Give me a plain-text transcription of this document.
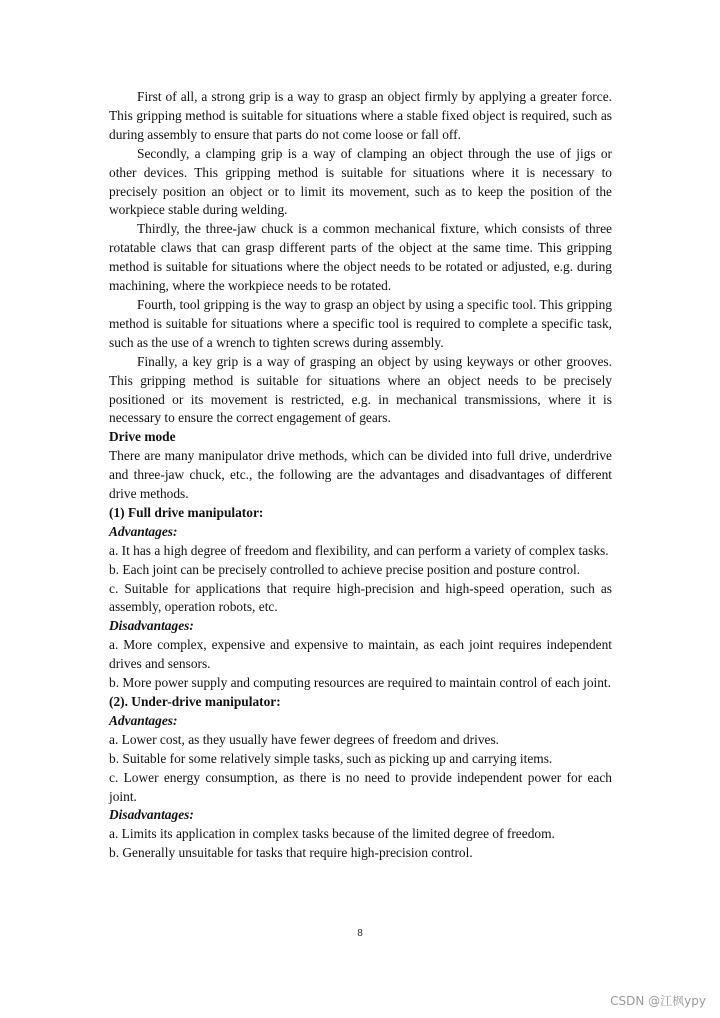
First of all, a strong grip is a way to grasp an object firmly by applying a greater force. This gripping method is suitable for situations where a stable fixed object is required, such as during assembly to ensure that parts do not come loose or fall off.

Secondly, a clamping grip is a way of clamping an object through the use of jigs or other devices. This gripping method is suitable for situations where it is necessary to precisely position an object or to limit its movement, such as to keep the position of the workpiece stable during welding.

Thirdly, the three-jaw chuck is a common mechanical fixture, which consists of three rotatable claws that can grasp different parts of the object at the same time. This gripping method is suitable for situations where the object needs to be rotated or adjusted, e.g. during machining, where the workpiece needs to be rotated.

Fourth, tool gripping is the way to grasp an object by using a specific tool. This gripping method is suitable for situations where a specific tool is required to complete a specific task, such as the use of a wrench to tighten screws during assembly.

Finally, a key grip is a way of grasping an object by using keyways or other grooves. This gripping method is suitable for situations where an object needs to be precisely positioned or its movement is restricted, e.g. in mechanical transmissions, where it is necessary to ensure the correct engagement of gears.

Drive mode

There are many manipulator drive methods, which can be divided into full drive, underdrive and three-jaw chuck, etc., the following are the advantages and disadvantages of different drive methods.

(1) Full drive manipulator:

Advantages:

a. It has a high degree of freedom and flexibility, and can perform a variety of complex tasks.

b. Each joint can be precisely controlled to achieve precise position and posture control.

c. Suitable for applications that require high-precision and high-speed operation, such as assembly, operation robots, etc.

Disadvantages:

a. More complex, expensive and expensive to maintain, as each joint requires independent drives and sensors.

b. More power supply and computing resources are required to maintain control of each joint.

(2). Under-drive manipulator:

Advantages:

a. Lower cost, as they usually have fewer degrees of freedom and drives.

b. Suitable for some relatively simple tasks, such as picking up and carrying items.

c. Lower energy consumption, as there is no need to provide independent power for each joint.

Disadvantages:

a. Limits its application in complex tasks because of the limited degree of freedom.

b. Generally unsuitable for tasks that require high-precision control.

8
CSDN @江枫ypy
